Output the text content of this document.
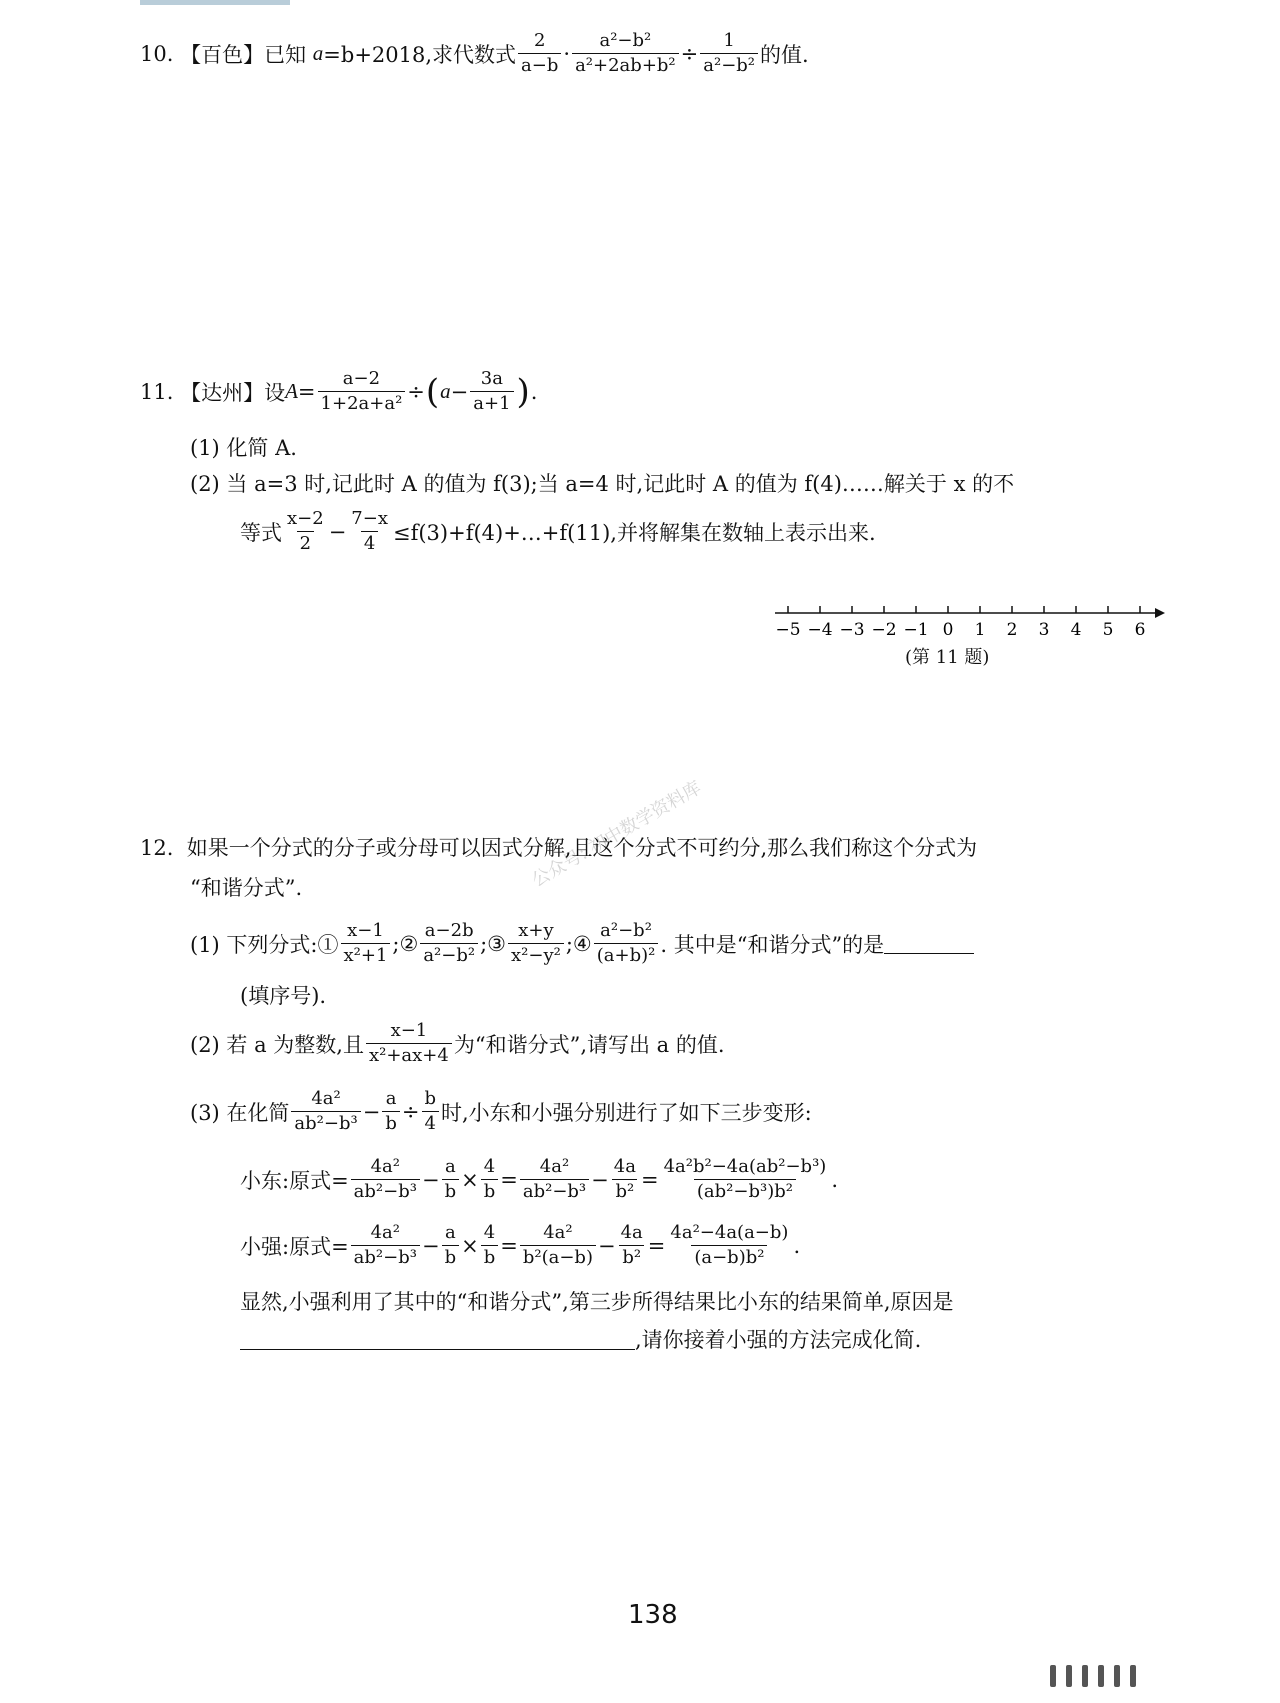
10.
【百色】 已知
a =b+2018,求代数式 $\frac{2}{a-b} \cdot \frac{\text{a²−b²}}{\text{a²+2ab+b²}} \div \frac{1}{\text{a²−b²}}$ 的值.
11.
【达州】 设 $A = \frac{a-2}{\text{1+2a+a²}}$ ÷ ( $a - \frac{3a}{a+1}$ ) .
(1) 化简 A.
(2) 当 a=3 时,记此时 A 的值为 f(3);当 a=4 时,记此时 A 的值为 f(4)……解关于 x 的不
等式 $\frac{x-2}{2} - \frac{7-x}{4}$ ≤f(3)+f(4)+…+f(11),并将解集在数轴上表示出来.
−5 −4 −3 −2 −1 0 1 2 3 4 5 6
(第 11 题)
公众号: 初中数学资料库
12. 如果一个分式的分子或分母可以因式分解,且这个分式不可约分,那么我们称这个分式为
“和谐分式”.
(1) 下列分式:① $\frac{x-1}{\text{x²+1}}$ ;② $\frac{a-2b}{\text{a²−b²}}$ ;③ $\frac{x+y}{\text{x²−y²}}$ ;④ $\frac{\text{a²−b²}}{\text{(a+b)²}}$ . 其中是“和谐分式”的是
(填序号).
(2) 若 a 为整数,且 $\frac{x-1}{\text{x²+ax+4}}$ 为“和谐分式”,请写出 a 的值.
(3) 在化简 $\frac{\text{4a²}}{\text{ab²−b³}} - \frac{a}{b} \div \frac{b}{4}$ 时,小东和小强分别进行了如下三步变形:
小东:原式= $\frac{\text{4a²}}{\text{ab²−b³}} - \frac{a}{b} \times \frac{4}{b} = \frac{\text{4a²}}{\text{ab²−b³}} - \frac{4a}{\text{b²}} = \frac{\text{4a²b²−4a(ab²−b³)}}{\text{(ab²−b³)b²}}$ .
小强:原式= $\frac{\text{4a²}}{\text{ab²−b³}} - \frac{a}{b} \times \frac{4}{b} = \frac{\text{4a²}}{\text{b²(a−b)}} - \frac{4a}{\text{b²}} = \frac{\text{4a²−4a(a−b)}}{\text{(a−b)b²}}$ .
显然,小强利用了其中的“和谐分式”,第三步所得结果比小东的结果简单,原因是
,请你接着小强的方法完成化简.
138
